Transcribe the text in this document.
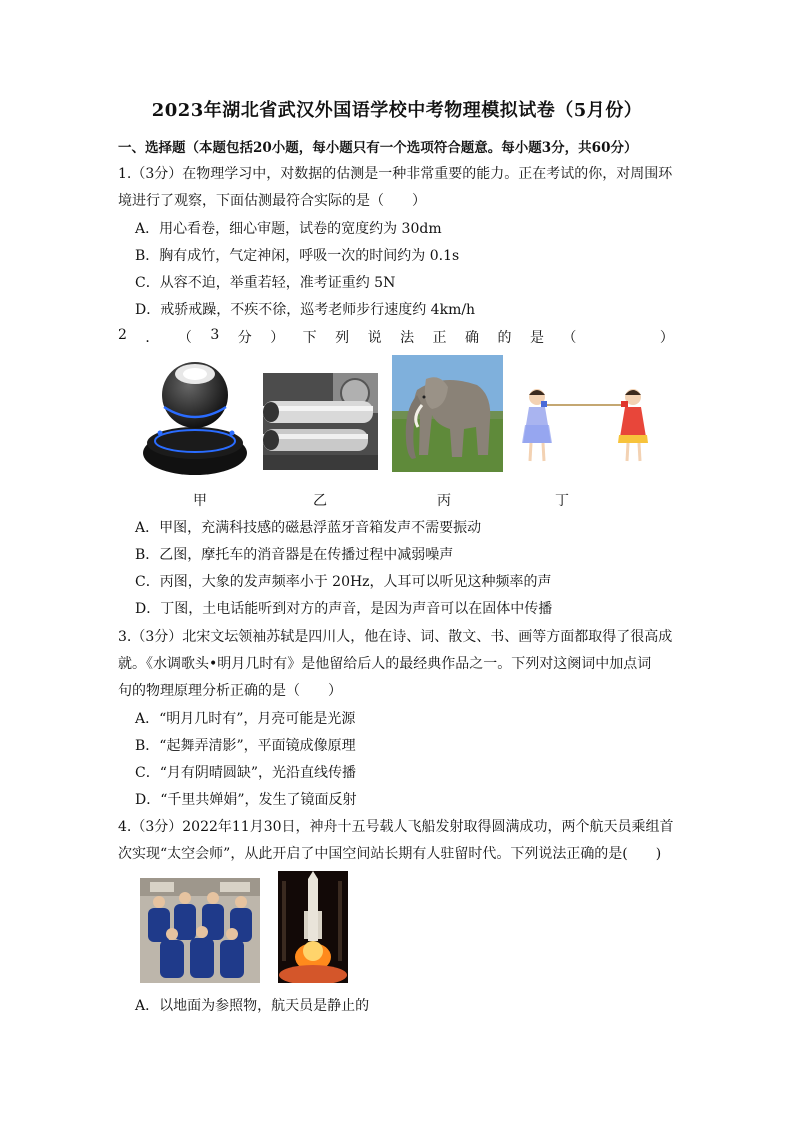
2023年湖北省武汉外国语学校中考物理模拟试卷（5月份）
一、选择题（本题包括20小题，每小题只有一个选项符合题意。每小题3分，共60分）
1.（3分）在物理学习中，对数据的估测是一种非常重要的能力。正在考试的你，对周围环
境进行了观察，下面估测最符合实际的是（　　）
A．用心看卷，细心审题，试卷的宽度约为 30dm
B．胸有成竹，气定神闲，呼吸一次的时间约为 0.1s
C．从容不迫，举重若轻，准考证重约 5N
D．戒骄戒躁，不疾不徐，巡考老师步行速度约 4km/h
2 ． （ 3 分 ） 下 列 说 法 正 确 的 是 （

　	）
甲	乙	丙	丁
A．甲图，充满科技感的磁悬浮蓝牙音箱发声不需要振动
B．乙图，摩托车的消音器是在传播过程中减弱噪声
C．丙图，大象的发声频率小于 20Hz，人耳可以听见这种频率的声
D．丁图，土电话能听到对方的声音，是因为声音可以在固体中传播
3.（3分）北宋文坛领袖苏轼是四川人，他在诗、词、散文、书、画等方面都取得了很高成
就。《水调歌头•明月几时有》是他留给后人的最经典作品之一。下列对这阕词中加点词
句的物理原理分析正确的是（　　）
A．“明月几时有”，月亮可能是光源
B．“起舞弄清影”，平面镜成像原理
C．“月有阴晴圆缺”，光沿直线传播
D．“千里共婵娟”，发生了镜面反射
4.（3分）2022年11月30日，神舟十五号载人飞船发射取得圆满成功，两个航天员乘组首
次实现“太空会师”，从此开启了中国空间站长期有人驻留时代。下列说法正确的是(　　)
A．以地面为参照物，航天员是静止的
